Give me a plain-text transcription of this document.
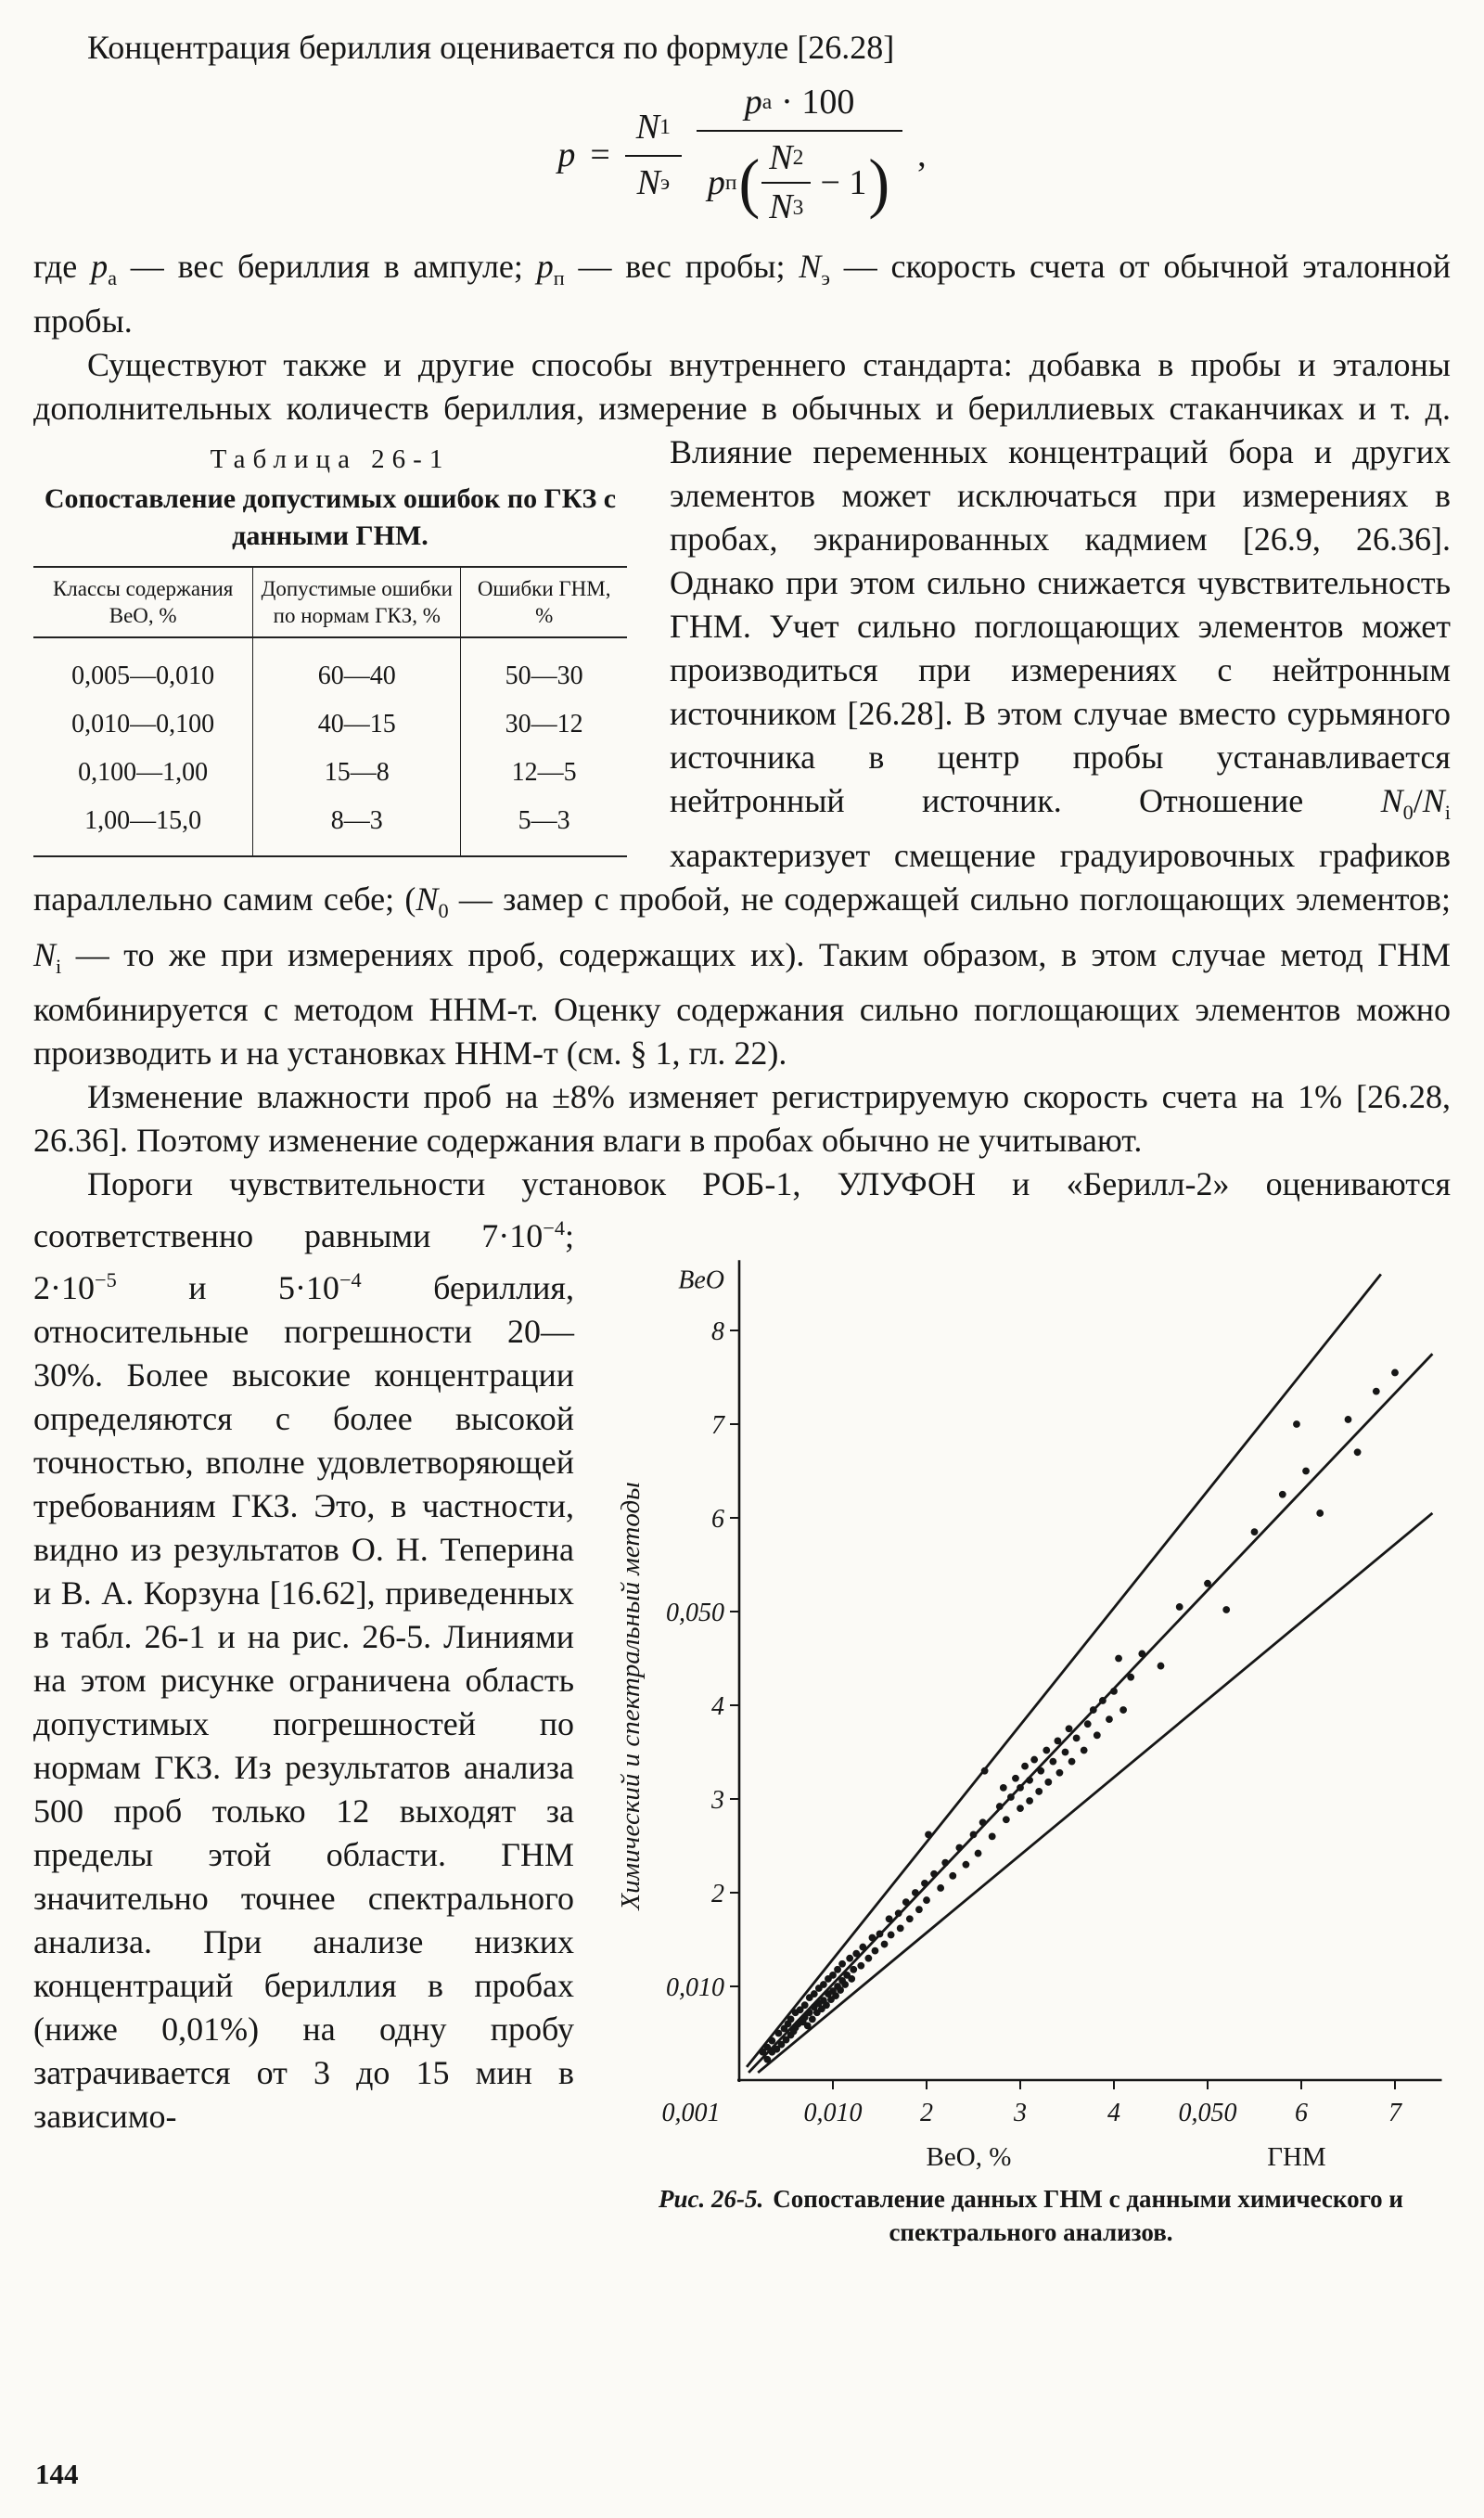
Концентрация бериллия оценивается по формуле [26.28]
$p = \frac{N 1}{\text{N э}} \frac{\text{p а · 100}}{p п ( \frac{N 2}{N 3} - 1 )}$ ,
где $p_а$ — вес бериллия в ампуле; $p_п$ — вес пробы; $N_э$ — скорость счета от обычной эталонной пробы.
Существуют также и другие способы внутреннего стандарта: добавка в пробы и эталоны дополнительных количеств бериллия, измерение в обычных и бериллиевых стаканчиках и т. д. Влияние
Таблица 26-1
Сопоставление допустимых ошибок по ГКЗ с данными ГНМ.
Классы содержания ВеО, %	Допустимые ошибки по нормам ГКЗ, %	Ошибки ГНМ, %
0,005—0,010	60—40	50—30
0,010—0,100	40—15	30—12
0,100—1,00	15—8	12—5
1,00—15,0	8—3	5—3
переменных концентраций бора и других элементов может исключаться при измерениях в пробах, экранированных кадмием [26.9, 26.36]. Однако при этом сильно снижается чувствительность ГНМ. Учет сильно поглощающих элементов может производиться при измерениях с нейтронным источником [26.28]. В этом случае вместо сурьмяного источника в центр пробы устанавливается нейтронный источник. Отношение $N_0/N_i$ характеризует смещение градуировочных графиков параллельно самим себе; ($N_0$ — замер с пробой, не содержащей сильно поглощающих элементов; $N_i$ — то же при измерениях проб, содержащих их). Таким образом, в этом случае метод ГНМ комбинируется с методом ННМ-т. Оценку содержания сильно поглощающих элементов можно производить и на установках ННМ-т (см. § 1, гл. 22).
Изменение влажности проб на ±8% изменяет регистрируемую скорость счета на 1% [26.28, 26.36]. Поэтому изменение содержания влаги в пробах обычно не учитывают.
Пороги чувствительности установок РОБ-1, УЛУФОН и
0,010
2
3
4
0,050
6
7
8
ВеО
0,010 2	3	4 0,050 6	7
0,001
ВеО, %	ГНМ
Химический и спектральный методы
Рис. 26-5. Сопоставление данных ГНМ с данными химического и спектрального анализов.
«Берилл-2» оцениваются соответственно равными $7\cdot 10^{-4}$; $2\cdot 10^{-5}$ и $5\cdot 10^{-4}$ бериллия, относительные погрешности 20—30%. Более высокие концентрации определяются с более высокой точностью, вполне удовлетворяющей требованиям ГКЗ. Это, в частности, видно из результатов О. Н. Теперина и В. А. Корзуна [16.62], приведенных в табл. 26-1 и на рис. 26-5. Линиями на этом рисунке ограничена область допустимых погрешностей по нормам ГКЗ. Из результатов анализа 500 проб только 12 выходят за пределы этой области. ГНМ значительно точнее спектрального анализа. При анализе низких концентраций бериллия в пробах (ниже 0,01%) на одну пробу затрачивается от 3 до 15 мин в зависимо-
144
